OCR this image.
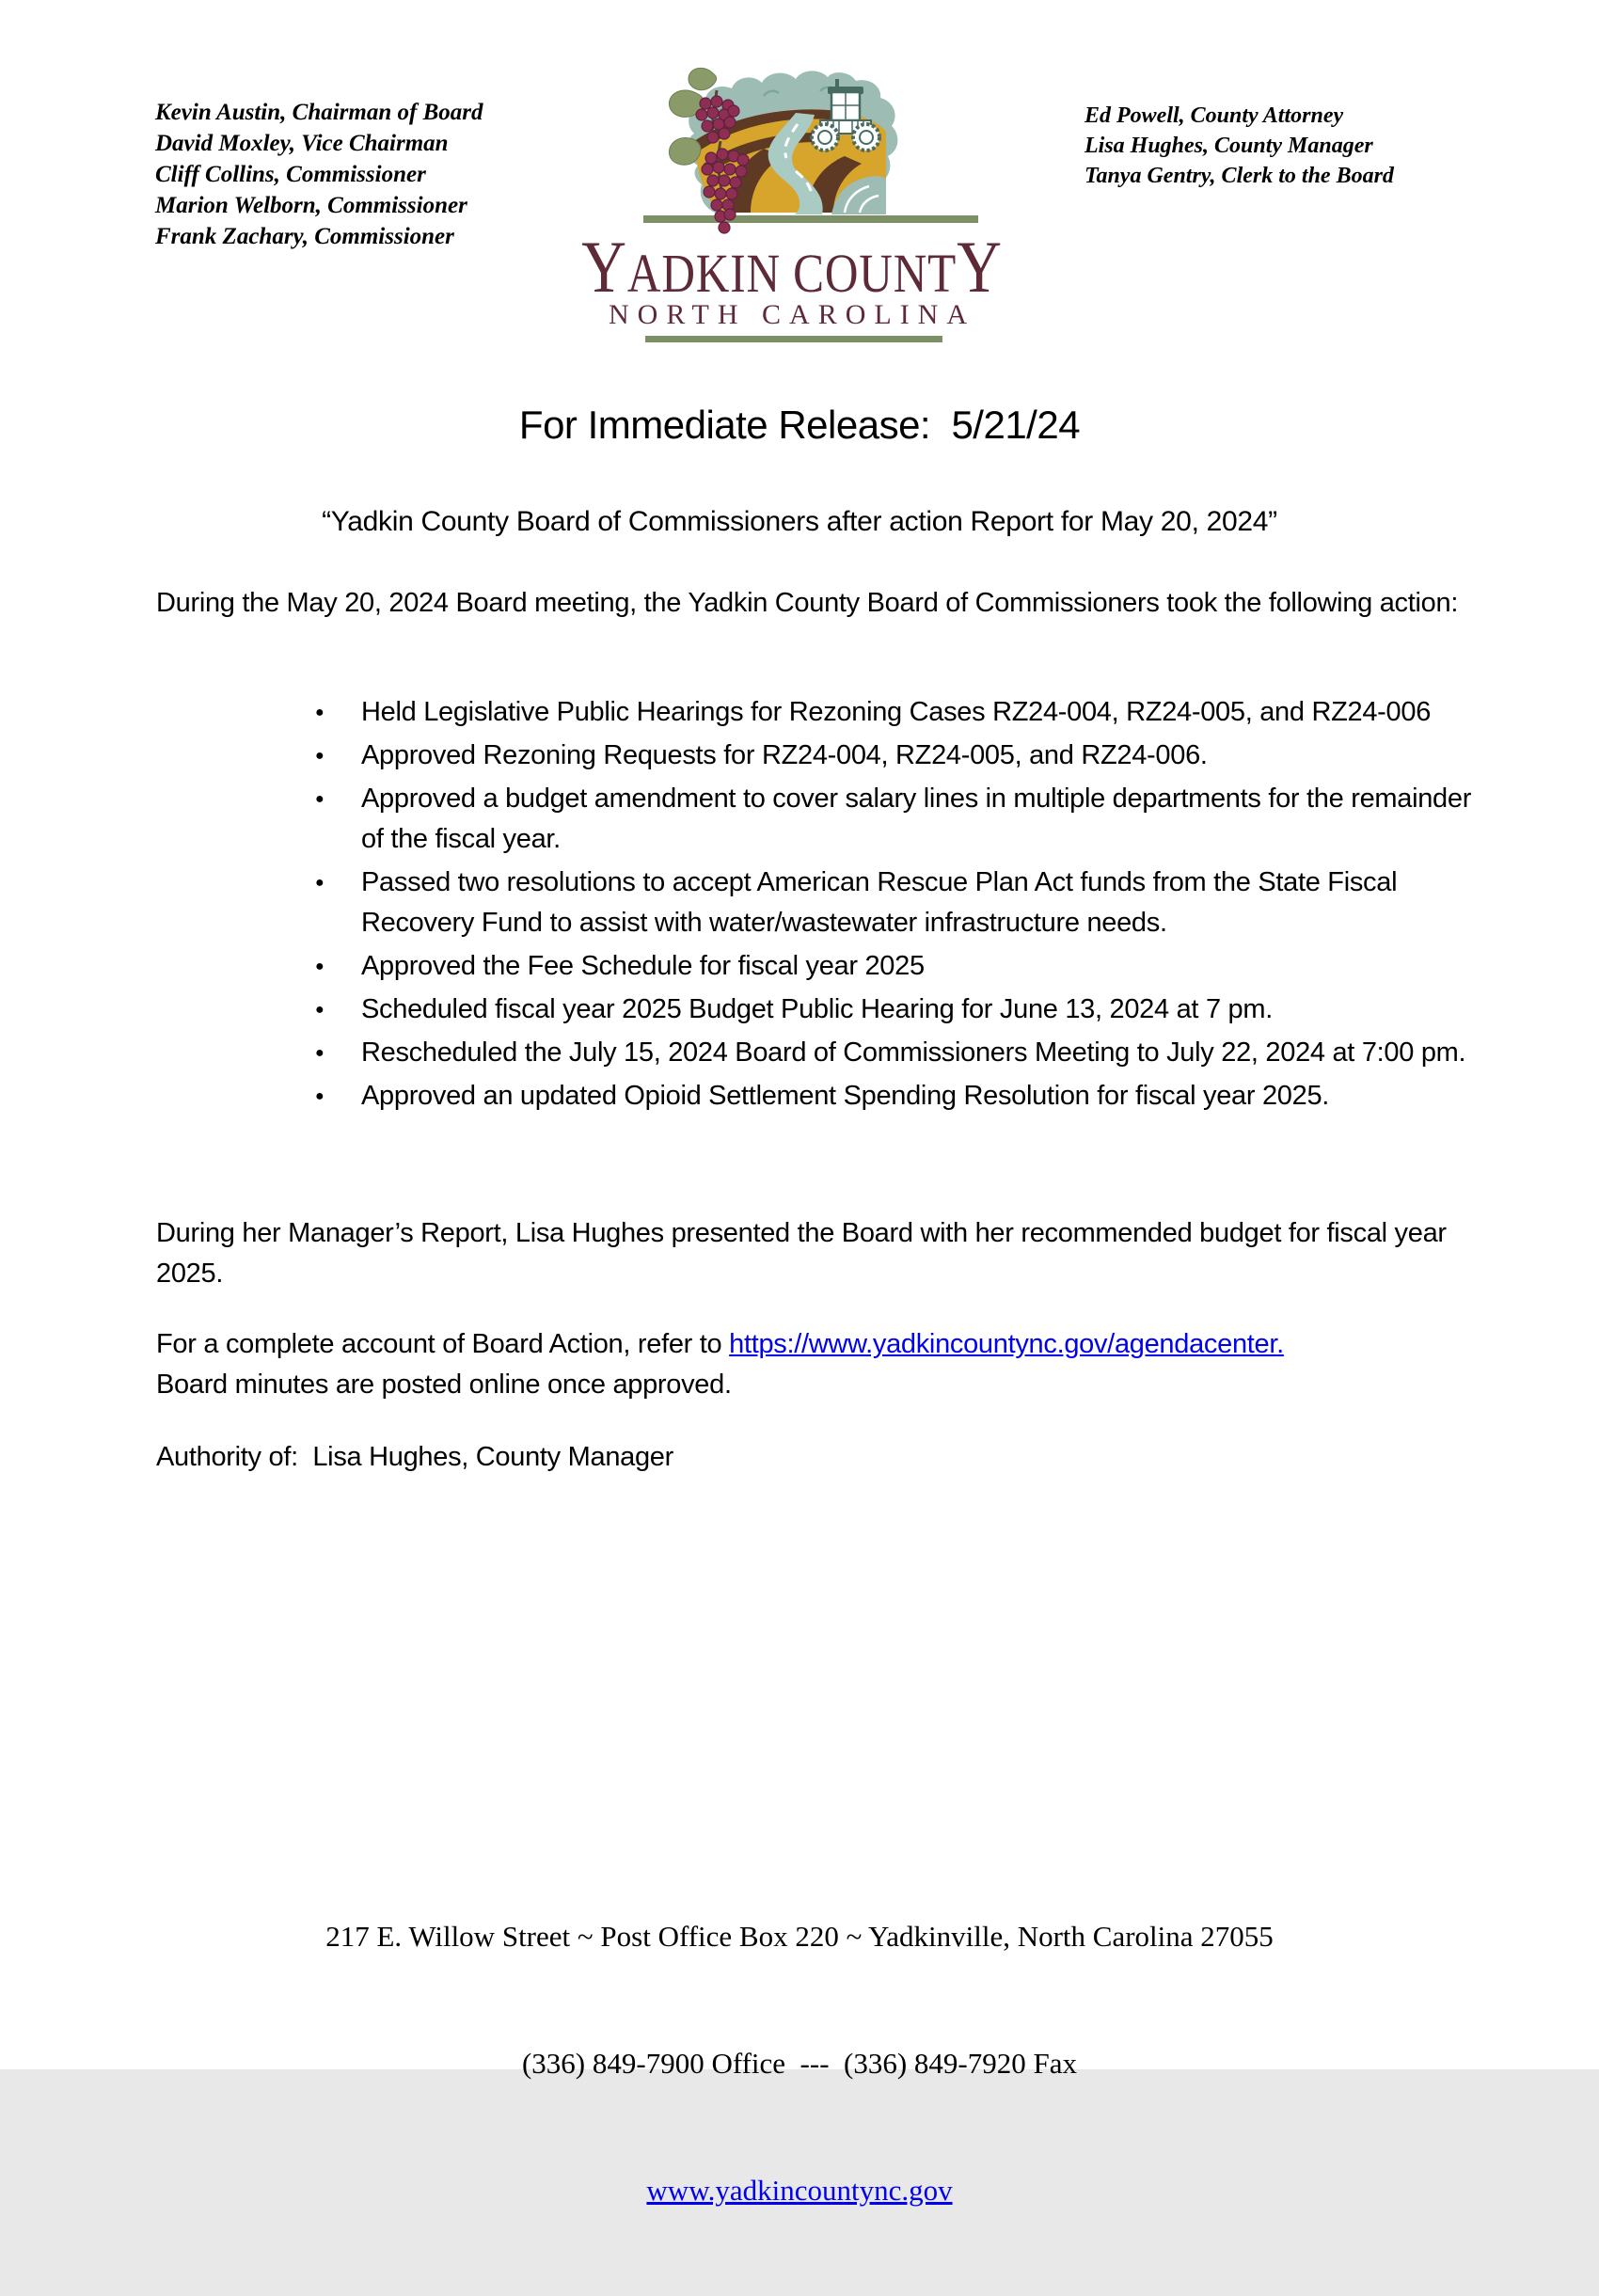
Kevin Austin, Chairman of Board
David Moxley, Vice Chairman
Cliff Collins, Commissioner
Marion Welborn, Commissioner
Frank Zachary, Commissioner
Ed Powell, County Attorney
Lisa Hughes, County Manager
Tanya Gentry, Clerk to the Board
YADKIN COUNTY
NORTH CAROLINA
For Immediate Release:  5/21/24
“Yadkin County Board of Commissioners after action Report for May 20, 2024”
During the May 20, 2024 Board meeting, the Yadkin County Board of Commissioners took the following action:
● Held Legislative Public Hearings for Rezoning Cases RZ24-004, RZ24-005, and RZ24-006
● Approved Rezoning Requests for RZ24-004, RZ24-005, and RZ24-006.
● Approved a budget amendment to cover salary lines in multiple departments for the remainder of the fiscal year.
● Passed two resolutions to accept American Rescue Plan Act funds from the State Fiscal Recovery Fund to assist with water/wastewater infrastructure needs.
● Approved the Fee Schedule for fiscal year 2025
● Scheduled fiscal year 2025 Budget Public Hearing for June 13, 2024 at 7 pm.
● Rescheduled the July 15, 2024 Board of Commissioners Meeting to July 22, 2024 at 7:00 pm.
● Approved an updated Opioid Settlement Spending Resolution for fiscal year 2025.
During her Manager’s Report, Lisa Hughes presented the Board with her recommended budget for fiscal year 2025.
For a complete account of Board Action, refer to https://www.yadkincountync.gov/agendacenter.
Board minutes are posted online once approved.
Authority of:  Lisa Hughes, County Manager

217 E. Willow Street ~ Post Office Box 220 ~ Yadkinville, North Carolina 27055

(336) 849-7900 Office  ---  (336) 849-7920 Fax

www.yadkincountync.gov
